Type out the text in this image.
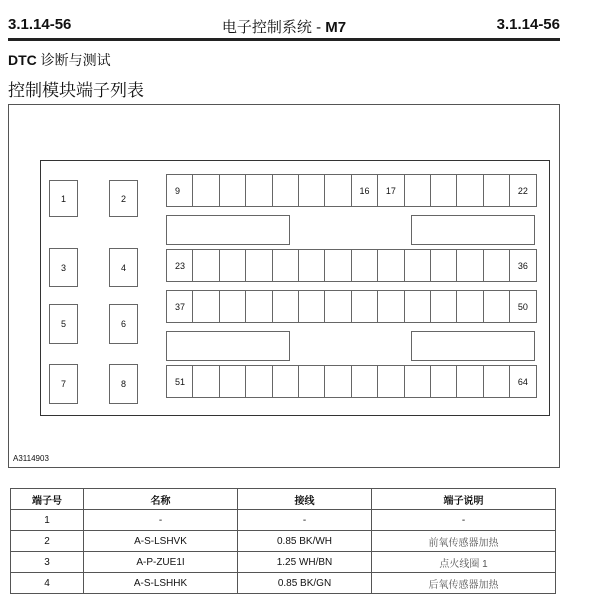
3.1.14-56	电子控制系统 - M7	3.1.14-56
DTC 诊断与测试
控制模块端子列表
1	2
3	4
5	6
7	8
9	16	17	22
23	36
37	50
51	64
A3114903
端子号	名称	接线	端子说明
1	-	-	-
2	A-S-LSHVK	0.85 BK/WH	前氧传感器加热
3	A-P-ZUE1I	1.25 WH/BN	点火线圈 1
4	A-S-LSHHK	0.85 BK/GN	后氧传感器加热
